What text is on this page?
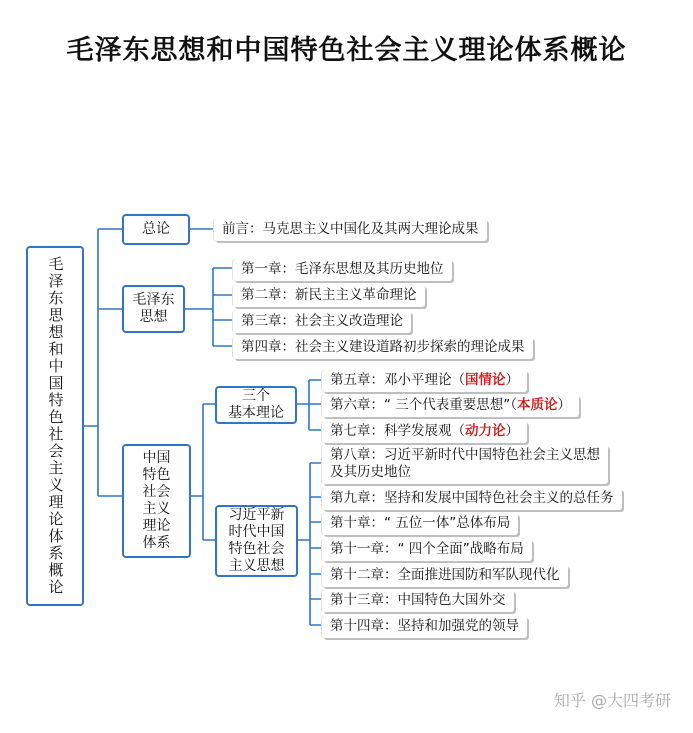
毛泽东思想和中国特色社会主义理论体系概论
毛泽东思想和中国特色社会主义理论体系概论
总论
毛泽东
思想
中国
特色
社会
主义
理论
体系
三个
基本理论
习近平新
时代中国
特色社会
主义思想
前言：马克思主义中国化及其两大理论成果
第一章：毛泽东思想及其历史地位
第二章：新民主主义革命理论
第三章：社会主义改造理论
第四章：社会主义建设道路初步探索的理论成果
第五章：邓小平理论（国情论）
第六章：“ 三个代表重要思想”（本质论）
第七章：科学发展观（动力论）
第八章：习近平新时代中国特色社会主义思想
及其历史地位
第九章：坚持和发展中国特色社会主义的总任务
第十章：“ 五位一体”总体布局
第十一章：“ 四个全面”战略布局
第十二章：全面推进国防和军队现代化
第十三章：中国特色大国外交
第十四章：坚持和加强党的领导
知乎 @大四考研
